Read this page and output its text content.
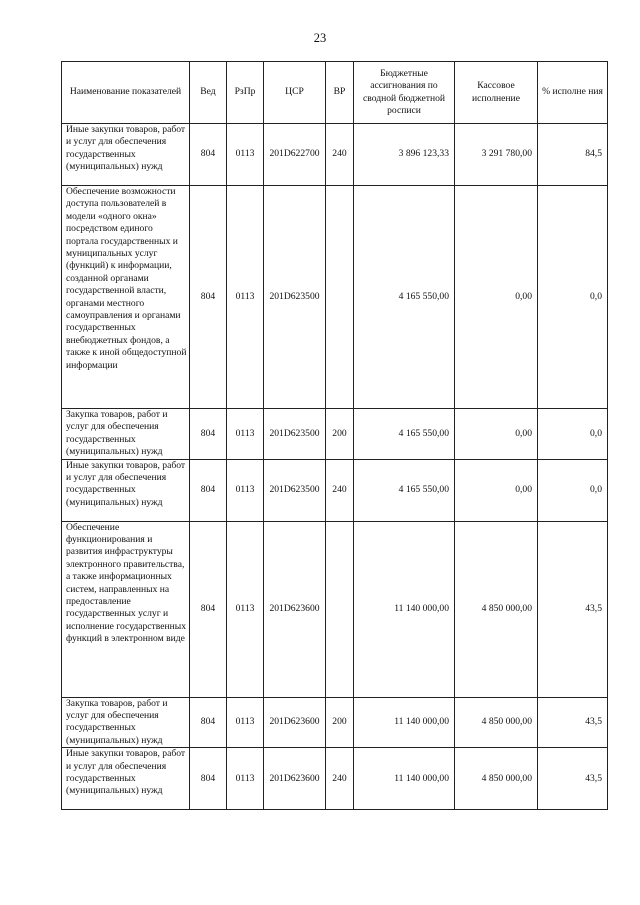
23
Наименование показателей	Вед	РзПр	ЦСР	ВР	Бюджетные ассигнования по сводной бюджетной росписи	Кассовое исполнение	% исполне ния
Иные закупки товаров, работ и услуг для обеспечения государственных (муниципальных) нужд	804	0113	201D622700	240	3 896 123,33	3 291 780,00	84,5
Обеспечение возможности доступа пользователей в модели «одного окна» посредством единого портала государственных и муниципальных услуг (функций) к информации, созданной органами государственной власти, органами местного самоуправления и органами государственных внебюджетных фондов, а также к иной общедоступной информации	804	0113	201D623500		4 165 550,00	0,00	0,0
Закупка товаров, работ и услуг для обеспечения государственных (муниципальных) нужд	804	0113	201D623500	200	4 165 550,00	0,00	0,0
Иные закупки товаров, работ и услуг для обеспечения государственных (муниципальных) нужд	804	0113	201D623500	240	4 165 550,00	0,00	0,0
Обеспечение функционирования и развития инфраструктуры электронного правительства, а также информационных систем, направленных на предоставление государственных услуг и исполнение государственных функций в электронном виде	804	0113	201D623600		11 140 000,00	4 850 000,00	43,5
Закупка товаров, работ и услуг для обеспечения государственных (муниципальных) нужд	804	0113	201D623600	200	11 140 000,00	4 850 000,00	43,5
Иные закупки товаров, работ и услуг для обеспечения государственных (муниципальных) нужд	804	0113	201D623600	240	11 140 000,00	4 850 000,00	43,5
